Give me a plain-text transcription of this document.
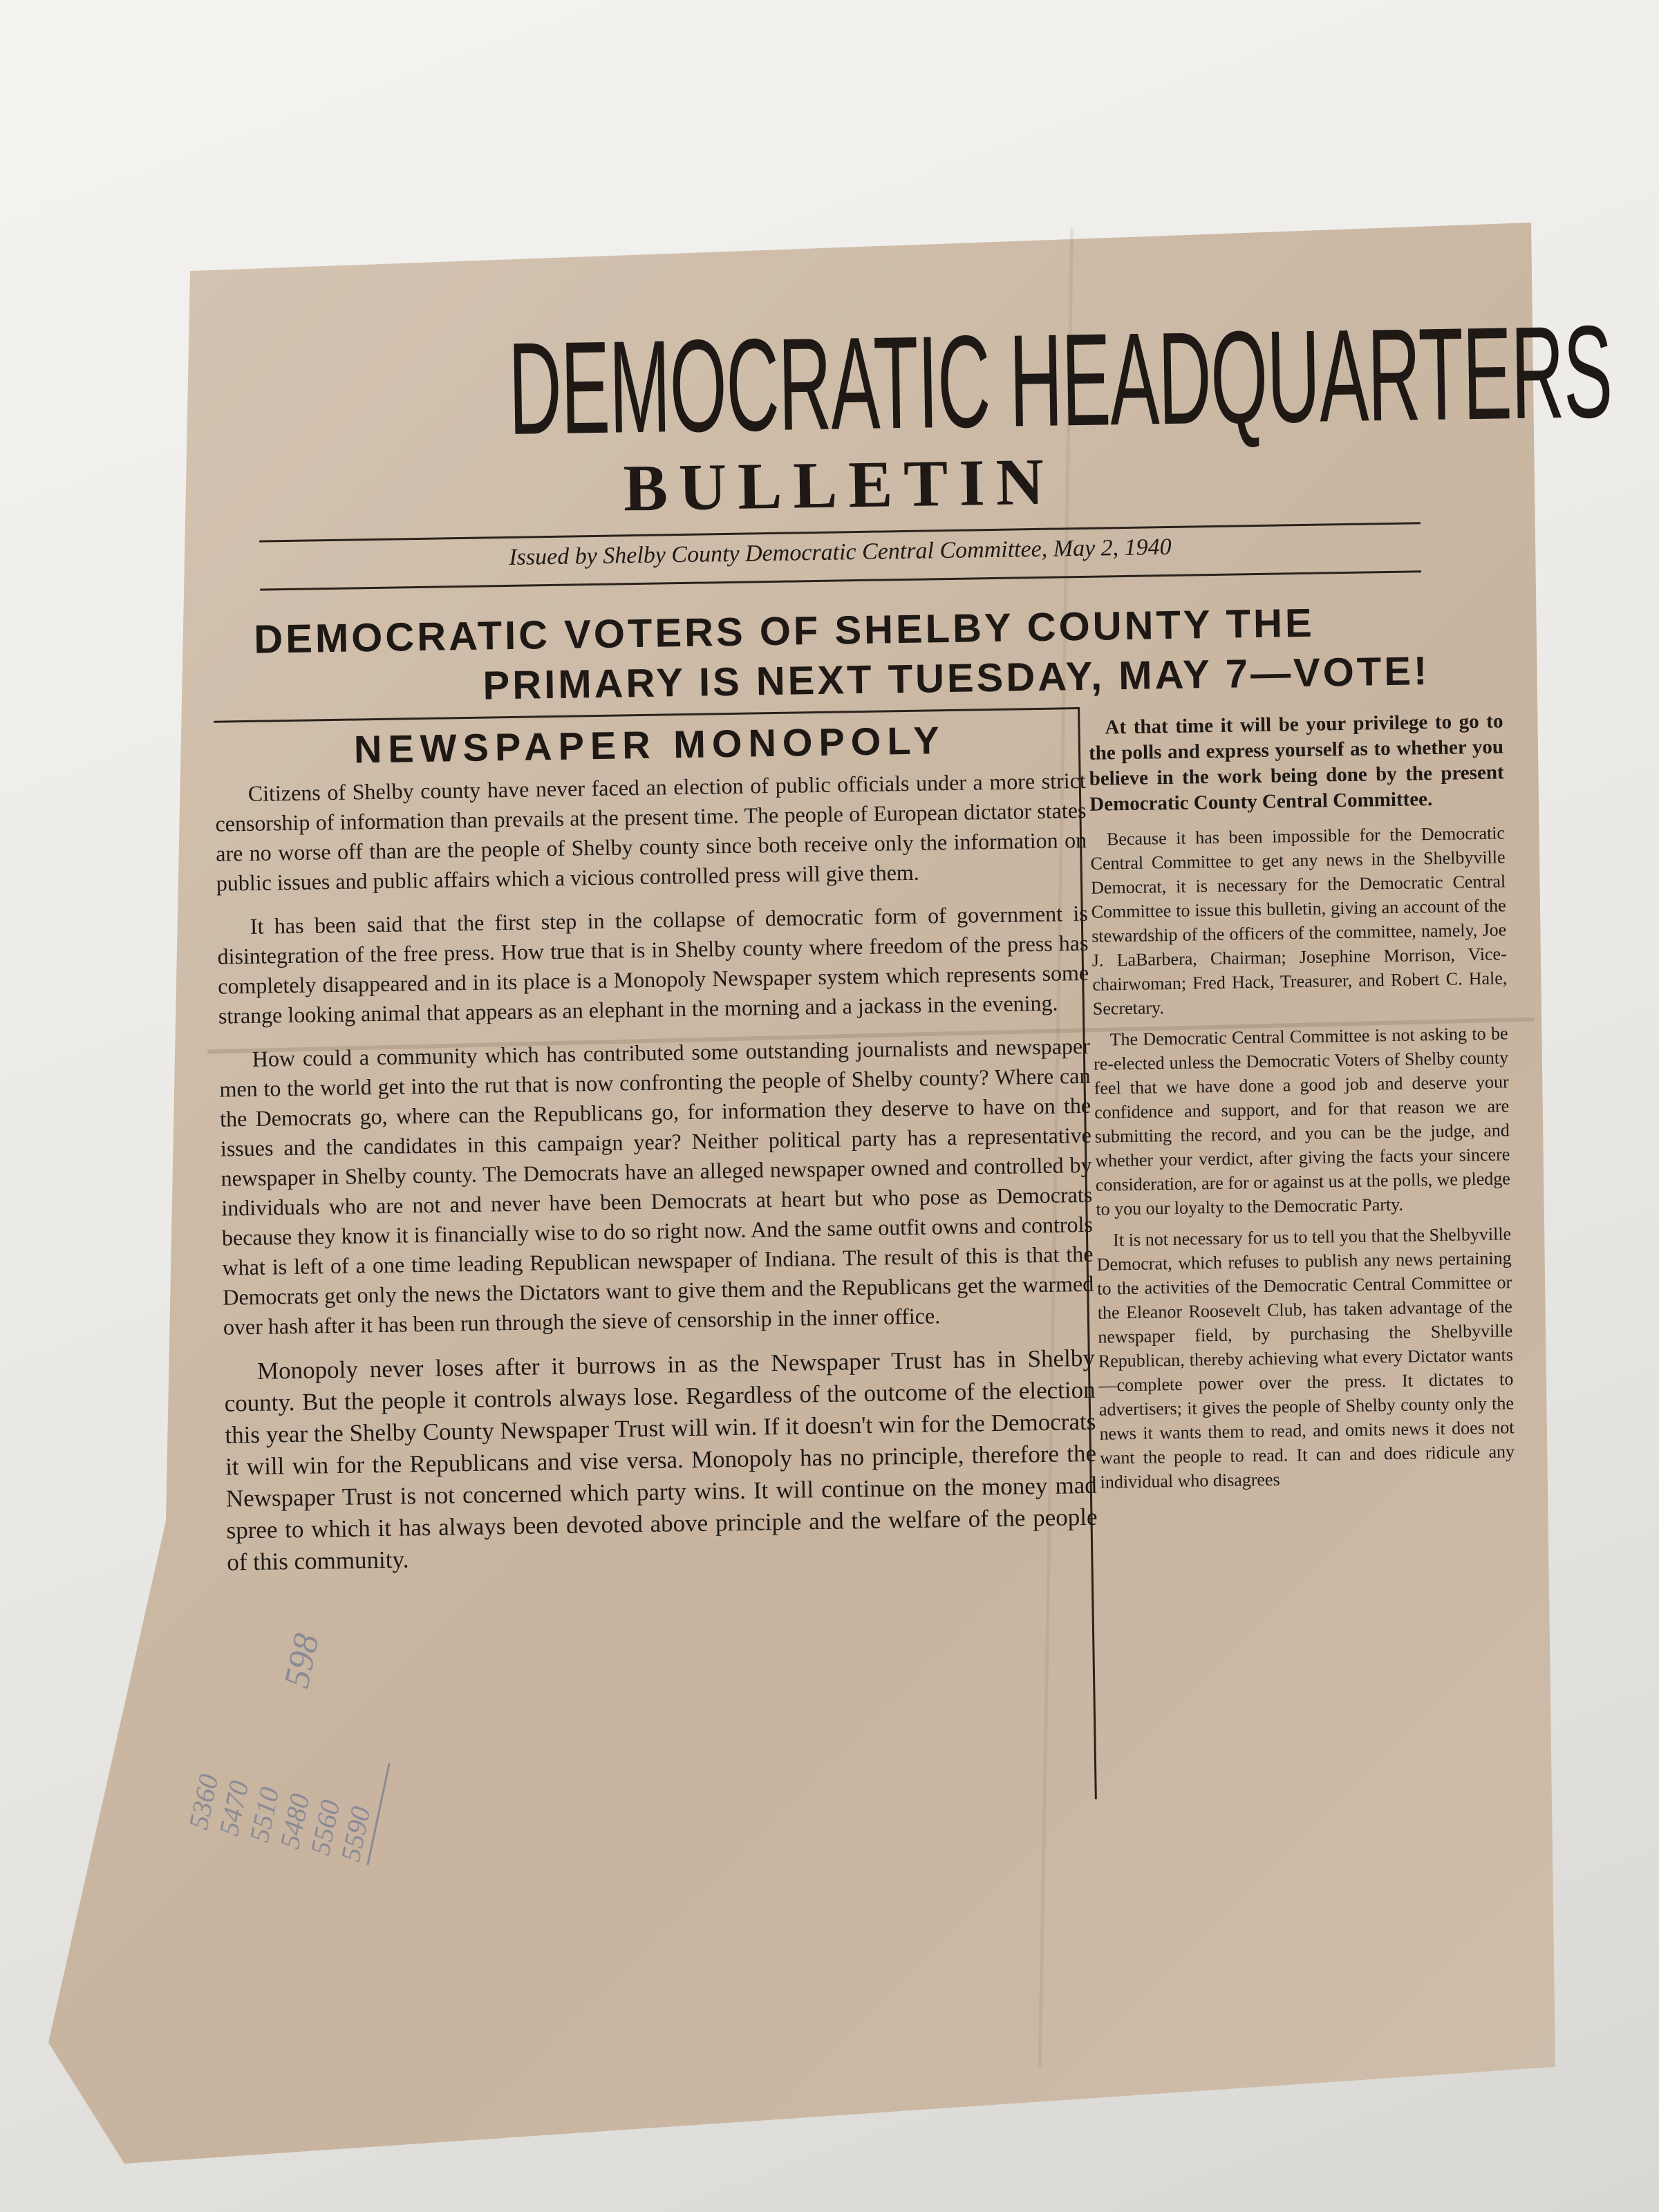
DEMOCRATIC HEADQUARTERS
BULLETIN
Issued by Shelby County Democratic Central Committee, May 2, 1940
DEMOCRATIC VOTERS OF SHELBY COUNTY THE
PRIMARY IS NEXT TUESDAY, MAY 7—VOTE!
NEWSPAPER MONOPOLY

Citizens of Shelby county have never faced an election of public officials under a more strict censorship of information than prevails at the present time. The people of European dictator states are no worse off than are the people of Shelby county since both receive only the information on public issues and public affairs which a vicious controlled press will give them.

It has been said that the first step in the collapse of democratic form of government is disintegration of the free press. How true that is in Shelby county where freedom of the press has completely disappeared and in its place is a Monopoly Newspaper system which represents some strange looking animal that appears as an elephant in the morning and a jackass in the evening.

How could a community which has contributed some outstanding journalists and newspaper men to the world get into the rut that is now confronting the people of Shelby county? Where can the Democrats go, where can the Republicans go, for information they deserve to have on the issues and the candidates in this campaign year? Neither political party has a representative newspaper in Shelby county. The Democrats have an alleged newspaper owned and controlled by individuals who are not and never have been Democrats at heart but who pose as Democrats because they know it is financially wise to do so right now. And the same outfit owns and controls what is left of a one time leading Republican newspaper of Indiana. The result of this is that the Democrats get only the news the Dictators want to give them and the Republicans get the warmed over hash after it has been run through the sieve of censorship in the inner office.

Monopoly never loses after it burrows in as the Newspaper Trust has in Shelby county. But the people it controls always lose. Regardless of the outcome of the election this year the Shelby County Newspaper Trust will win. If it doesn't win for the Democrats it will win for the Republicans and vise versa. Monopoly has no principle, therefore the Newspaper Trust is not concerned which party wins. It will continue on the money mad spree to which it has always been devoted above principle and the welfare of the people of this community.

At that time it will be your privilege to go to the polls and express yourself as to whether you believe in the work being done by the present Democratic County Central Committee.

Because it has been impossible for the Democratic Central Committee to get any news in the Shelbyville Democrat, it is necessary for the Democratic Central Committee to issue this bulletin, giving an account of the stewardship of the officers of the committee, namely, Joe J. LaBarbera, Chairman; Josephine Morrison, Vice-chairwoman; Fred Hack, Treasurer, and Robert C. Hale, Secretary.

The Democratic Central Committee is not asking to be re-elected unless the Democratic Voters of Shelby county feel that we have done a good job and deserve your confidence and support, and for that reason we are submitting the record, and you can be the judge, and whether your verdict, after giving the facts your sincere consideration, are for or against us at the polls, we pledge to you our loyalty to the Democratic Party.

It is not necessary for us to tell you that the Shelbyville Democrat, which refuses to publish any news pertaining to the activities of the Democratic Central Committee or the Eleanor Roosevelt Club, has taken advantage of the newspaper field, by purchasing the Shelbyville Republican, thereby achieving what every Dictator wants—complete power over the press. It dictates to advertisers; it gives the people of Shelby county only the news it wants them to read, and omits news it does not want the people to read. It can and does ridicule any individual who disagrees

5360
5470
5510
5480
5560
5590
598
